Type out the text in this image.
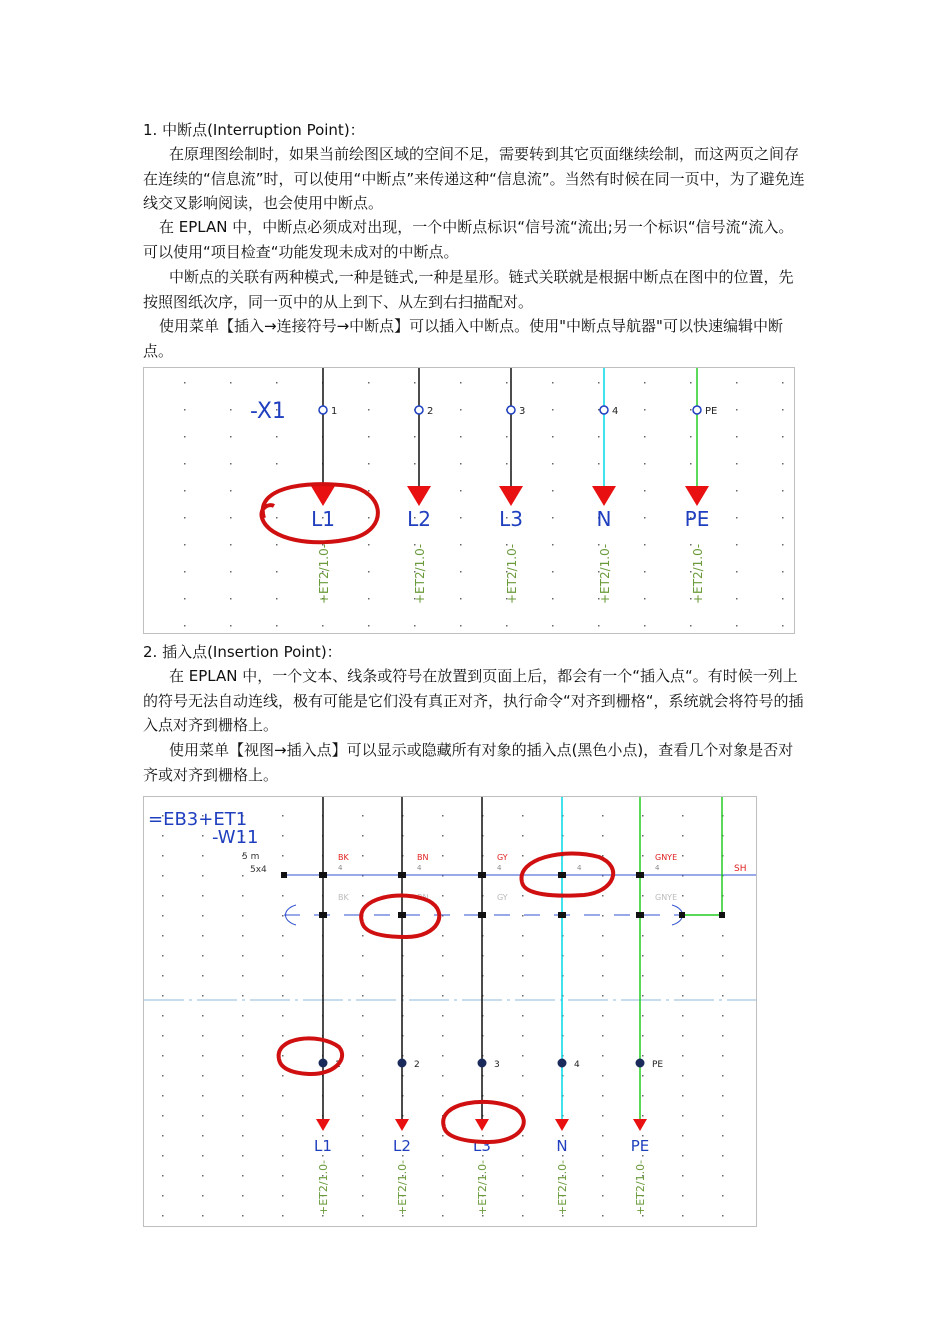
1. 中断点(Interruption Point)：

在原理图绘制时，如果当前绘图区域的空间不足，需要转到其它页面继续绘制，而这两页之间存在连续的“信息流”时，可以使用“中断点”来传递这种“信息流”。当然有时候在同一页中，为了避免连线交叉影响阅读，也会使用中断点。

在 EPLAN 中，中断点必须成对出现，一个中断点标识“信号流“流出;另一个标识“信号流“流入。可以使用“项目检查“功能发现未成对的中断点。

中断点的关联有两种模式,一种是链式,一种是星形。链式关联就是根据中断点在图中的位置，先按照图纸次序，同一页中的从上到下、从左到右扫描配对。

使用菜单【插入→连接符号→中断点】可以插入中断点。使用"中断点导航器"可以快速编辑中断点。

-X1	1
L1
+ET2/1.0-
2
L2
+ET2/1.0-
3
L3
+ET2/1.0-
4
N
+ET2/1.0-
PE
PE
+ET2/1.0-
2. 插入点(Insertion Point)：

在 EPLAN 中，一个文本、线条或符号在放置到页面上后，都会有一个“插入点“。有时候一列上的符号无法自动连线，极有可能是它们没有真正对齐，执行命令“对齐到栅格“，系统就会将符号的插入点对齐到栅格上。

使用菜单【视图→插入点】可以显示或隐藏所有对象的插入点(黑色小点)，查看几个对象是否对齐或对齐到栅格上。

=EB3+ET1
-W11
5 m
5x4	SH
BK
BK
4
1
L1
+ET2/1.0-
BN
BN
4
2
L2
+ET2/1.0-
GY
GY
4
3
L3
+ET2/1.0-
4
4
N
+ET2/1.0-
GNYE
GNYE
4
PE
PE
+ET2/1.0-
